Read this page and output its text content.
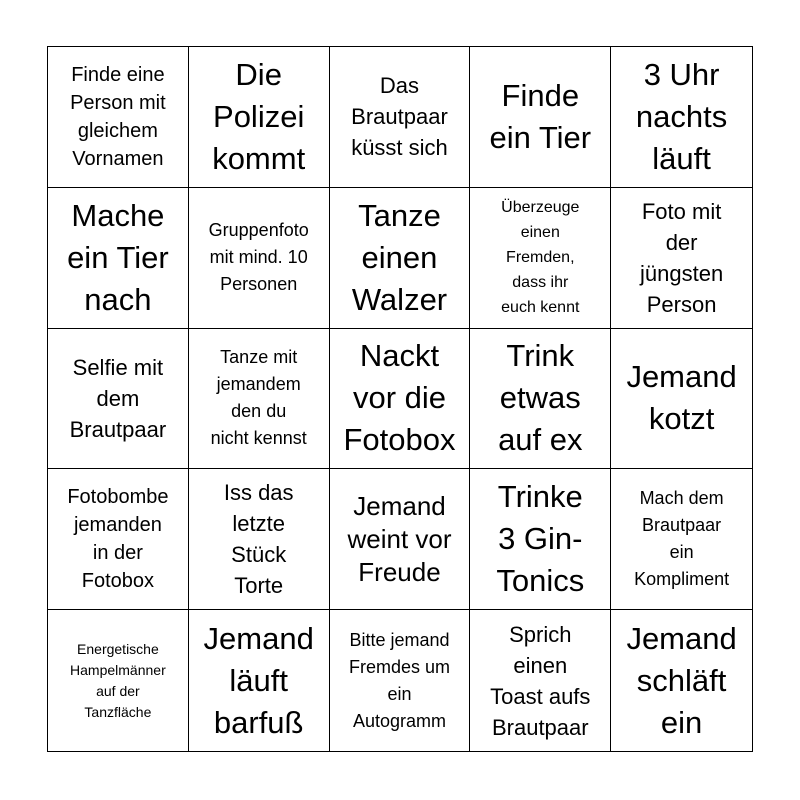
Finde eine
Person mit
gleichem
Vornamen
Die
Polizei
kommt
Das
Brautpaar
küsst sich
Finde
ein Tier
3 Uhr
nachts
läuft
Mache
ein Tier
nach
Gruppenfoto
mit mind. 10
Personen
Tanze
einen
Walzer
Überzeuge
einen
Fremden,
dass ihr
euch kennt
Foto mit
der
jüngsten
Person
Selfie mit
dem
Brautpaar
Tanze mit
jemandem
den du
nicht kennst
Nackt
vor die
Fotobox
Trink
etwas
auf ex
Jemand
kotzt
Fotobombe
jemanden
in der
Fotobox
Iss das
letzte
Stück
Torte
Jemand
weint vor
Freude
Trinke
3 Gin-
Tonics
Mach dem
Brautpaar
ein
Kompliment
Energetische
Hampelmänner
auf der
Tanzfläche
Jemand
läuft
barfuß
Bitte jemand
Fremdes um
ein
Autogramm
Sprich
einen
Toast aufs
Brautpaar
Jemand
schläft
ein
